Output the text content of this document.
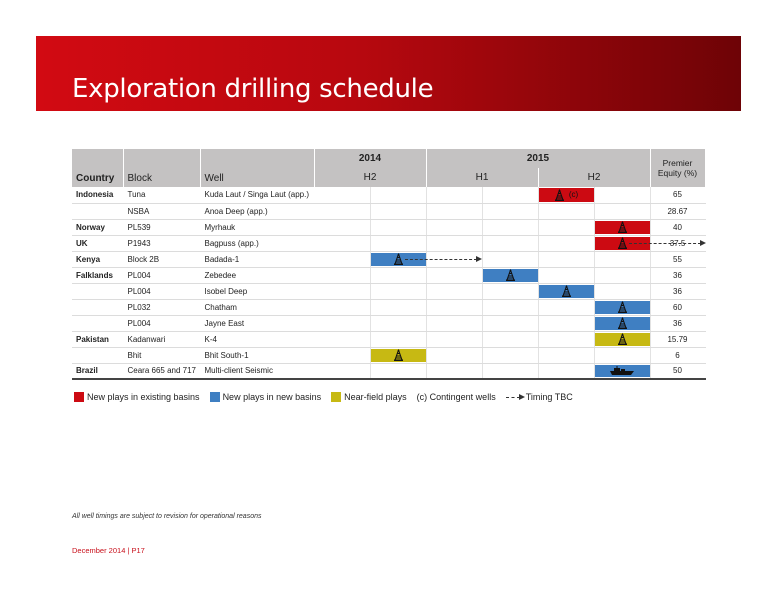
Exploration drilling schedule
Country	Block	Well	2014		2015				Premier Equity (%)
			H2		H1		H2		
Indonesia	Tuna	Kuda Laut / Singa Laut (app.)					(c)		65
	NSBA	Anoa Deep (app.)							28.67
Norway	PL539	Myrhauk							40
UK	P1943	Bagpuss (app.)							37.5
Kenya	Block 2B	Badada-1							55
Falklands	PL004	Zebedee							36
	PL004	Isobel Deep							36
	PL032	Chatham							60
	PL004	Jayne East							36
Pakistan	Kadanwari	K-4							15.79
	Bhit	Bhit South-1							6
Brazil	Ceara 665 and 717	Multi-client Seismic							50
New plays in existing basins	New plays in new basins	Near-field plays (c) Contingent wells	Timing TBC
All well timings are subject to revision for operational reasons
December 2014 | P17
